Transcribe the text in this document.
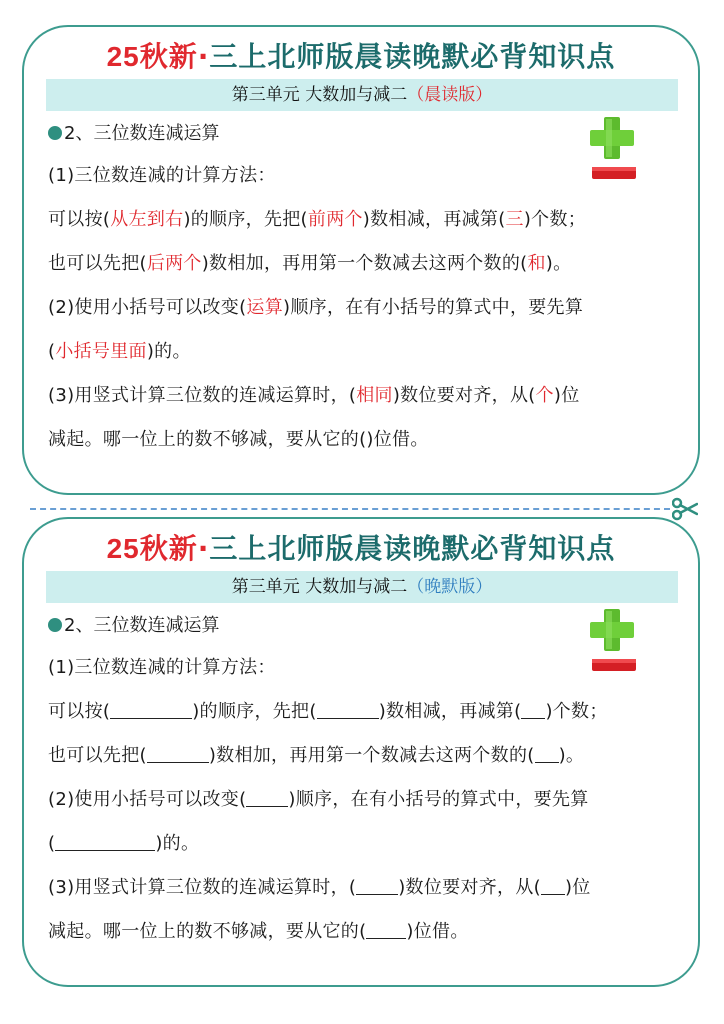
25秋新·三上北师版晨读晚默必背知识点
第三单元 大数加与减二（晨读版）
2、三位数连减运算
(1)三位数连减的计算方法：
可以按(从左到右)的顺序，先把(前两个)数相减，再减第(三)个数；
也可以先把(后两个)数相加，再用第一个数减去这两个数的(和)。
(2)使用小括号可以改变(运算)顺序，在有小括号的算式中，要先算
(小括号里面)的。
(3)用竖式计算三位数的连减运算时，(相同)数位要对齐，从(个)位
减起。哪一位上的数不够减，要从它的()位借。
25秋新·三上北师版晨读晚默必背知识点
第三单元 大数加与减二（晚默版）
2、三位数连减运算
(1)三位数连减的计算方法：
可以按(	)的顺序，先把(	)数相减，再减第( )个数；
也可以先把(	)数相加，再用第一个数减去这两个数的( )。
(2)使用小括号可以改变( )顺序，在有小括号的算式中，要先算
(	)的。
(3)用竖式计算三位数的连减运算时，( )数位要对齐，从( )位
减起。哪一位上的数不够减，要从它的( )位借。
